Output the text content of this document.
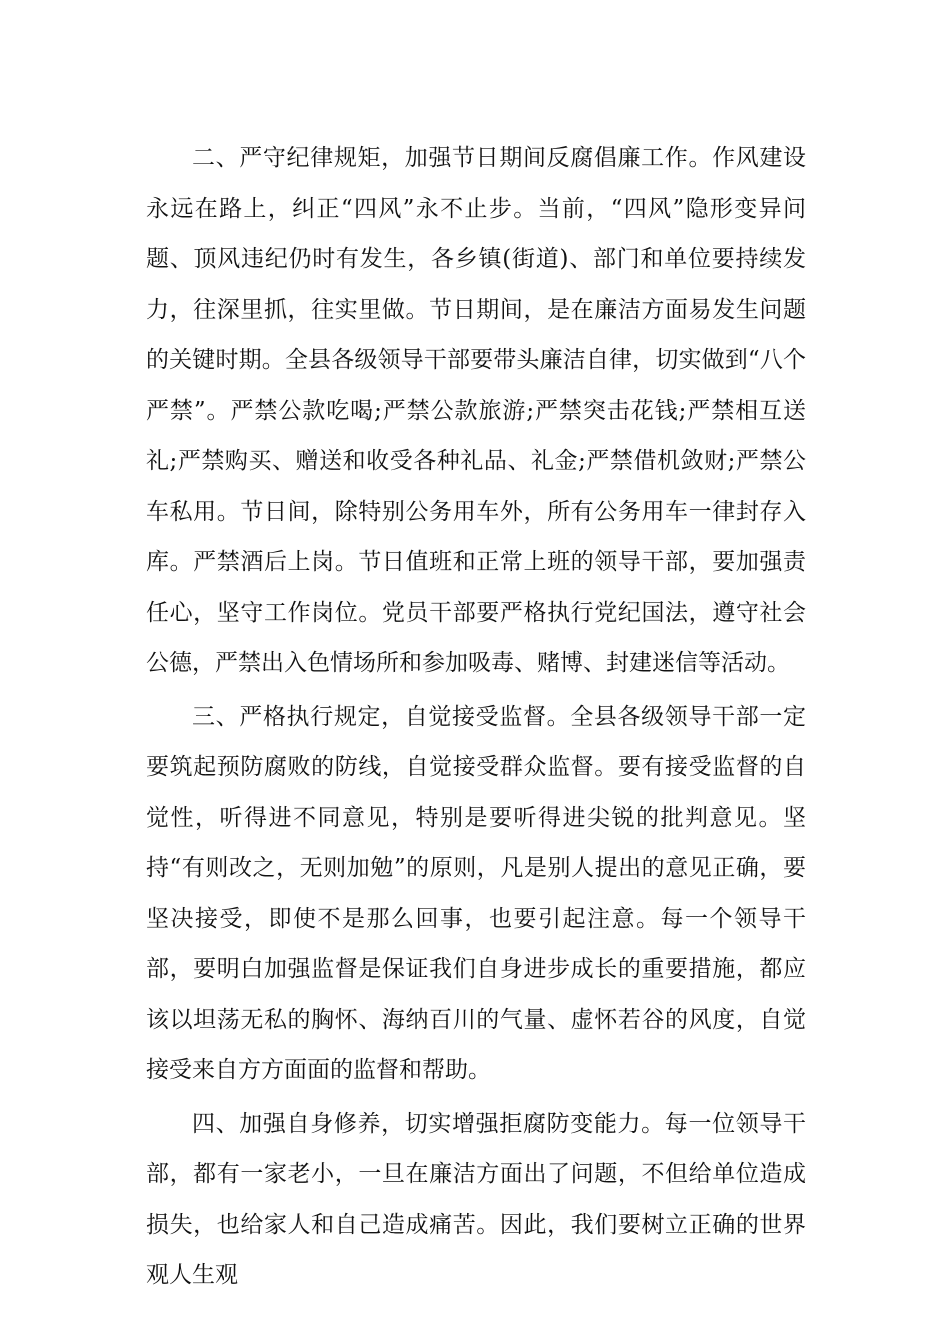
二、严守纪律规矩，加强节日期间反腐倡廉工作。作风建设永远在路上，纠正“四风”永不止步。当前，“四风”隐形变异问题、顶风违纪仍时有发生，各乡镇(街道)、部门和单位要持续发力，往深里抓，往实里做。节日期间，是在廉洁方面易发生问题的关键时期。全县各级领导干部要带头廉洁自律，切实做到“八个严禁”。严禁公款吃喝;严禁公款旅游;严禁突击花钱;严禁相互送礼;严禁购买、赠送和收受各种礼品、礼金;严禁借机敛财;严禁公车私用。节日间，除特别公务用车外，所有公务用车一律封存入库。严禁酒后上岗。节日值班和正常上班的领导干部，要加强责任心，坚守工作岗位。党员干部要严格执行党纪国法，遵守社会公德，严禁出入色情场所和参加吸毒、赌博、封建迷信等活动。

三、严格执行规定，自觉接受监督。全县各级领导干部一定要筑起预防腐败的防线，自觉接受群众监督。要有接受监督的自觉性，听得进不同意见，特别是要听得进尖锐的批判意见。坚持“有则改之，无则加勉”的原则，凡是别人提出的意见正确，要坚决接受，即使不是那么回事，也要引起注意。每一个领导干部，要明白加强监督是保证我们自身进步成长的重要措施，都应该以坦荡无私的胸怀、海纳百川的气量、虚怀若谷的风度，自觉接受来自方方面面的监督和帮助。

四、加强自身修养，切实增强拒腐防变能力。每一位领导干部，都有一家老小，一旦在廉洁方面出了问题，不但给单位造成损失，也给家人和自己造成痛苦。因此，我们要树立正确的世界观人生观
